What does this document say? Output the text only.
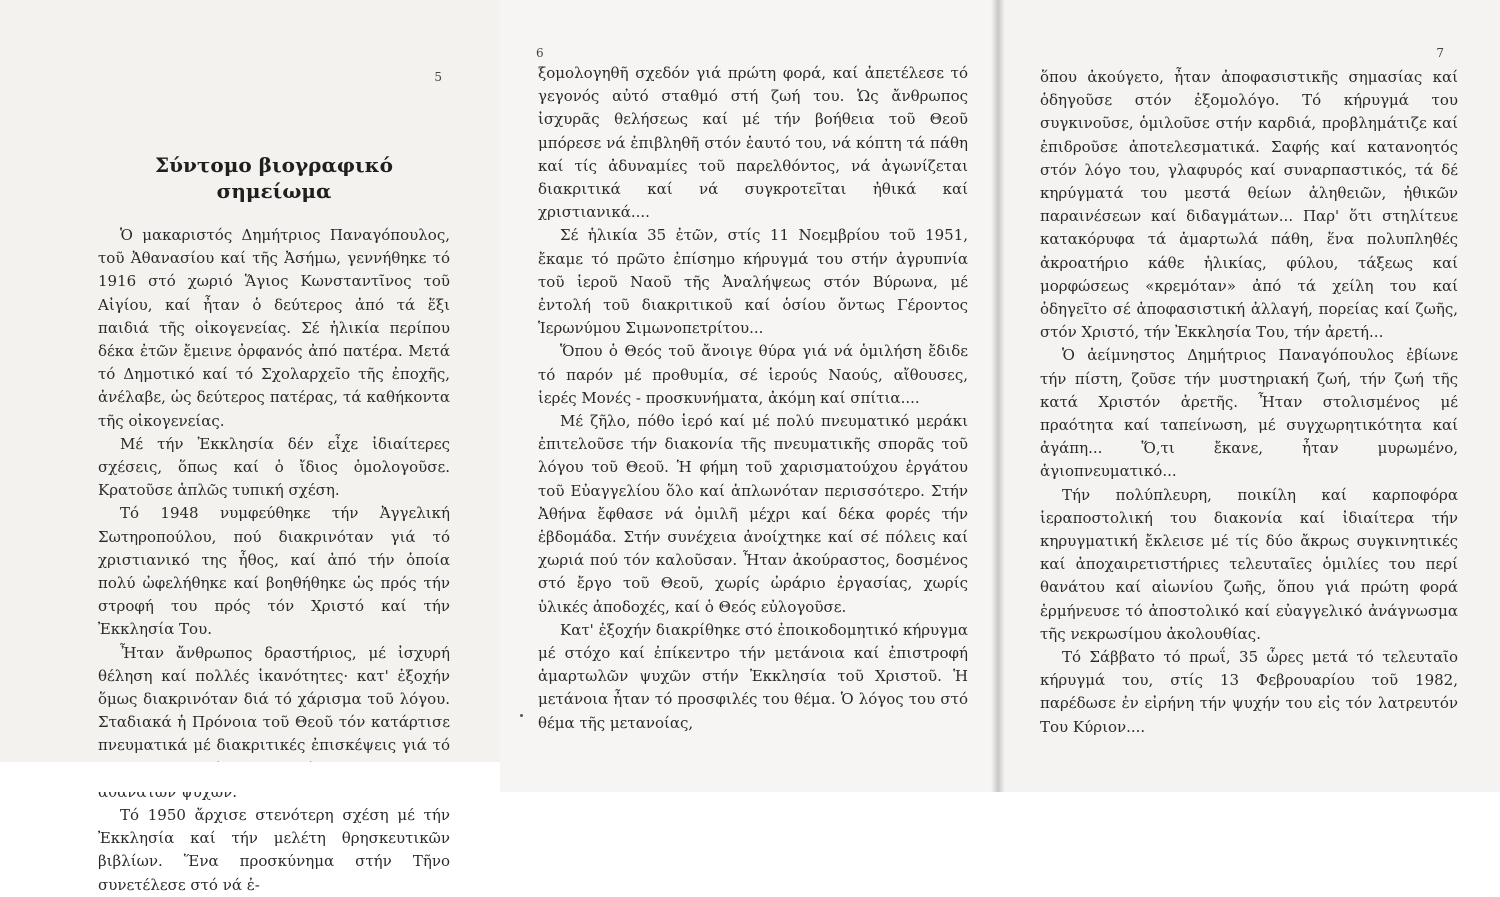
5
Σύντομο βιογραφικό σημείωμα

Ὁ μακαριστός Δημήτριος Παναγόπουλος, τοῦ Ἀθανασίου καί τῆς Ἀσήμω, γεννήθηκε τό 1916 στό χωριό Ἅγιος Κωνσταντῖνος τοῦ Αἰγίου, καί ἦταν ὁ δεύτερος ἀπό τά ἕξι παιδιά τῆς οἰκογενείας. Σέ ἡλικία περίπου δέκα ἐτῶν ἔμεινε ὀρφανός ἀπό πατέρα. Μετά τό Δημοτικό καί τό Σχολαρχεῖο τῆς ἐποχῆς, ἀνέλαβε, ὡς δεύτερος πατέρας, τά καθήκοντα τῆς οἰκογενείας.

Μέ τήν Ἐκκλησία δέν εἶχε ἰδιαίτερες σχέσεις, ὅπως καί ὁ ἴδιος ὁμολογοῦσε. Κρατοῦσε ἁπλῶς τυπική σχέση.

Τό 1948 νυμφεύθηκε τήν Ἀγγελική Σωτηροπούλου, πού διακρινόταν γιά τό χριστιανικό της ἦθος, καί ἀπό τήν ὁποία πολύ ὠφελήθηκε καί βοηθήθηκε ὡς πρός τήν στροφή του πρός τόν Χριστό καί τήν Ἐκκλησία Του.

Ἦταν ἄνθρωπος δραστήριος, μέ ἰσχυρή θέληση καί πολλές ἱκανότητες· κατ' ἐξοχήν ὅμως διακρινόταν διά τό χάρισμα τοῦ λόγου. Σταδιακά ἡ Πρόνοια τοῦ Θεοῦ τόν κατάρτισε πνευματικά μέ διακριτικές ἐπισκέψεις γιά τό

Τό 1950 ἄρχισε στενότερη σχέση μέ τήν Ἐκκλησία καί τήν μελέτη θρησκευτικῶν βιβλίων. Ἕνα προσκύνημα στήν Τῆνο συνετέλεσε στό νά ἐ-

6

ξομολογηθῆ σχεδόν γιά πρώτη φορά, καί ἀπετέλεσε τό γεγονός αὐτό σταθμό στή ζωή του. Ὡς ἄνθρωπος ἰσχυρᾶς θελήσεως καί μέ τήν βοήθεια τοῦ Θεοῦ μπόρεσε νά ἐπιβληθῆ στόν ἑαυτό του, νά κόπτη τά πάθη καί τίς ἀδυναμίες τοῦ παρελθόντος, νά ἀγωνίζεται διακριτικά καί νά συγκροτεῖται ἠθικά καί χριστιανικά....

Σέ ἡλικία 35 ἐτῶν, στίς 11 Νοεμβρίου τοῦ 1951, ἔκαμε τό πρῶτο ἐπίσημο κήρυγμά του στήν ἀγρυπνία τοῦ ἱεροῦ Ναοῦ τῆς Ἀναλήψεως στόν Βύρωνα, μέ ἐντολή τοῦ διακριτικοῦ καί ὁσίου ὄντως Γέροντος Ἱερωνύμου Σιμωνοπετρίτου...

Ὅπου ὁ Θεός τοῦ ἄνοιγε θύρα γιά νά ὁμιλήση ἔδιδε τό παρόν μέ προθυμία, σέ ἱερούς Ναούς, αἴθουσες, ἱερές Μονές - προσκυνήματα, ἀκόμη καί σπίτια....

Μέ ζῆλο, πόθο ἱερό καί μέ πολύ πνευματικό μεράκι ἐπιτελοῦσε τήν διακονία τῆς πνευματικῆς σπορᾶς τοῦ λόγου τοῦ Θεοῦ. Ἡ φήμη τοῦ χαρισματούχου ἐργάτου τοῦ Εὐαγγελίου ὅλο καί ἁπλωνόταν περισσότερο. Στήν Ἀθήνα ἔφθασε νά ὁμιλῆ μέχρι καί δέκα φορές τήν ἑβδομάδα. Στήν συνέχεια ἀνοίχτηκε καί σέ πόλεις καί χωριά πού τόν καλοῦσαν. Ἦταν ἀκούραστος, δοσμένος στό ἔργο τοῦ Θεοῦ, χωρίς ὠράριο ἐργασίας, χωρίς ὑλικές ἀποδοχές, καί ὁ Θεός εὐλογοῦσε.

Κατ' ἐξοχήν διακρίθηκε στό ἐποικοδομητικό κήρυγμα μέ στόχο καί ἐπίκεντρο τήν μετάνοια καί ἐπιστροφή ἁμαρτωλῶν ψυχῶν στήν Ἐκκλησία τοῦ Χριστοῦ. Ἡ μετάνοια ἦταν τό προσφιλές του θέμα. Ὁ λόγος του στό θέμα τῆς μετανοίας,

7

ὅπου ἀκούγετο, ἦταν ἀποφασιστικῆς σημασίας καί ὁδηγοῦσε στόν ἐξομολόγο. Τό κήρυγμά του συγκινοῦσε, ὁμιλοῦσε στήν καρδιά, προβλημάτιζε καί ἐπιδροῦσε ἀποτελεσματικά. Σαφής καί κατανοητός στόν λόγο του, γλαφυρός καί συναρπαστικός, τά δέ κηρύγματά του μεστά θείων ἀληθειῶν, ἠθικῶν παραινέσεων καί διδαγμάτων... Παρ' ὅτι στηλίτευε κατακόρυφα τά ἁμαρτωλά πάθη, ἕνα πολυπληθές ἀκροατήριο κάθε ἡλικίας, φύλου, τάξεως καί μορφώσεως «κρεμόταν» ἀπό τά χείλη του καί ὁδηγεῖτο σέ ἀποφασιστική ἀλλαγή, πορείας καί ζωῆς, στόν Χριστό, τήν Ἐκκλησία Του, τήν ἀρετή...

Ὁ ἀείμνηστος Δημήτριος Παναγόπουλος ἐβίωνε τήν πίστη, ζοῦσε τήν μυστηριακή ζωή, τήν ζωή τῆς κατά Χριστόν ἀρετῆς. Ἦταν στολισμένος μέ πραότητα καί ταπείνωση, μέ συγχωρητικότητα καί ἀγάπη... Ὅ,τι ἔκανε, ἦταν μυρωμένο, ἁγιοπνευματικό...

Τήν πολύπλευρη, ποικίλη καί καρποφόρα ἱεραποστολική του διακονία καί ἰδιαίτερα τήν κηρυγματική ἔκλεισε μέ τίς δύο ἄκρως συγκινητικές καί ἀποχαιρετιστήριες τελευταῖες ὁμιλίες του περί θανάτου καί αἰωνίου ζωῆς, ὅπου γιά πρώτη φορά ἑρμήνευσε τό ἀποστολικό καί εὐαγγελικό ἀνάγνωσμα τῆς νεκρωσίμου ἀκολουθίας.

Τό Σάββατο τό πρωΐ, 35 ὧρες μετά τό τελευταῖο κήρυγμά του, στίς 13 Φεβρουαρίου τοῦ 1982, παρέδωσε ἐν εἰρήνη τήν ψυχήν του εἰς τόν λατρευτόν Του Κύριον....
